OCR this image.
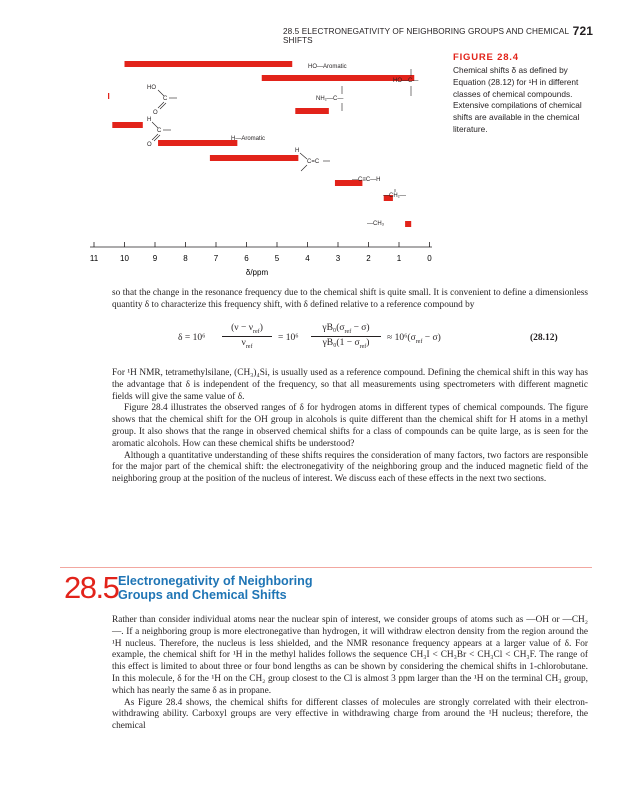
28.5 ELECTRONEGATIVITY OF NEIGHBORING GROUPS AND CHEMICAL SHIFTS
721
11	10	9	8	7	6	5	4	3	2	1	0
δ/ppm
HO—Aromatic
HO—C—
NH₂—C—
H—Aromatic
HO
C
O
H
C
O
H
C=C
—C≡C—H
—CH₂—
—CH₃
FIGURE 28.4
Chemical shifts δ as defined by Equation (28.12) for ¹H in different classes of chemical compounds. Extensive compilations of chemical shifts are available in the chemical literature.

so that the change in the resonance frequency due to the chemical shift is quite small. It is convenient to define a dimensionless quantity δ to characterize this frequency shift, with δ defined relative to a reference compound by

δ = 10⁶
$(\nu - \nu_{ref})$
$\nu_{ref}$
= 10⁶
$\gamma B_0(\sigma_{ref} - \sigma)$
$\gamma B_0(1 - \sigma_{ref})$	≈ $10^6(\sigma_{ref} - \sigma)$	(28.12)

For ¹H NMR, tetramethylsilane, (CH₃)₄Si, is usually used as a reference compound. Defining the chemical shift in this way has the advantage that δ is independent of the frequency, so that all measurements using spectrometers with different magnetic fields will give the same value of δ.

Figure 28.4 illustrates the observed ranges of δ for hydrogen atoms in different types of chemical compounds. The figure shows that the chemical shift for the OH group in alcohols is quite different than the chemical shift for H atoms in a methyl group. It also shows that the range in observed chemical shifts for a class of compounds can be quite large, as is seen for the aromatic alcohols. How can these chemical shifts be understood?

Although a quantitative understanding of these shifts requires the consideration of many factors, two factors are responsible for the major part of the chemical shift: the electronegativity of the neighboring group and the induced magnetic field of the neighboring group at the position of the nucleus of interest. We discuss each of these effects in the next two sections.

28.5 Electronegativity of Neighboring
Groups and Chemical Shifts

Rather than consider individual atoms near the nuclear spin of interest, we consider groups of atoms such as —OH or —CH₂—. If a neighboring group is more electronegative than hydrogen, it will withdraw electron density from the region around the ¹H nucleus. Therefore, the nucleus is less shielded, and the NMR resonance frequency appears at a larger value of δ. For example, the chemical shift for ¹H in the methyl halides follows the sequence CH₃I < CH₃Br < CH₃Cl < CH₃F. The range of this effect is limited to about three or four bond lengths as can be shown by considering the chemical shifts in 1-chlorobutane. In this molecule, δ for the ¹H on the CH₂ group closest to the Cl is almost 3 ppm larger than the ¹H on the terminal CH₃ group, which has nearly the same δ as in propane.

As Figure 28.4 shows, the chemical shifts for different classes of molecules are strongly correlated with their electron-withdrawing ability. Carboxyl groups are very effective in withdrawing charge from around the ¹H nucleus; therefore, the chemical
